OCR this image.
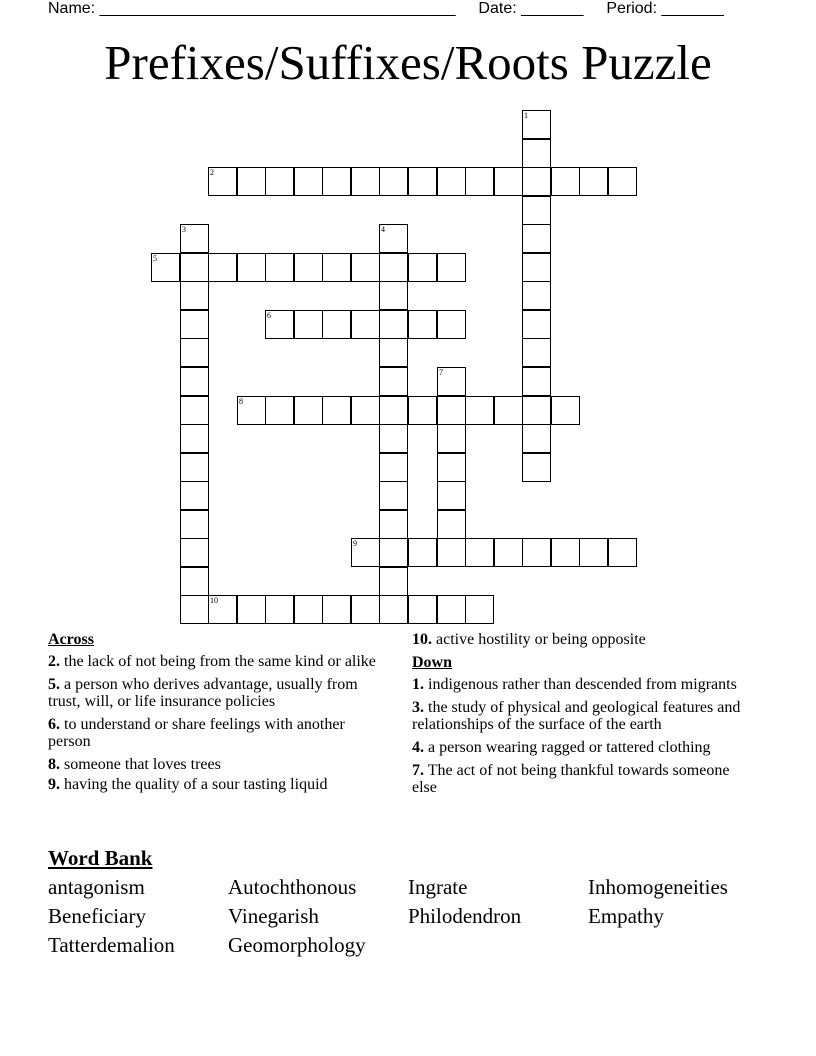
Name: ________________________________________ Date: _______ Period: _______
Prefixes/Suffixes/Roots Puzzle
1
2
3	4
5
6
7
8
9
10
Across
2. the lack of not being from the same kind or alike
5. a person who derives advantage, usually from trust, will, or life insurance policies
6. to understand or share feelings with another person
8. someone that loves trees
9. having the quality of a sour tasting liquid
10. active hostility or being opposite
Down
1. indigenous rather than descended from migrants
3. the study of physical and geological features and relationships of the surface of the earth
4. a person wearing ragged or tattered clothing
7. The act of not being thankful towards someone else
Word Bank
antagonism	Autochthonous	Ingrate	Inhomogeneities
Beneficiary	Vinegarish	Philodendron	Empathy
Tatterdemalion	Geomorphology
